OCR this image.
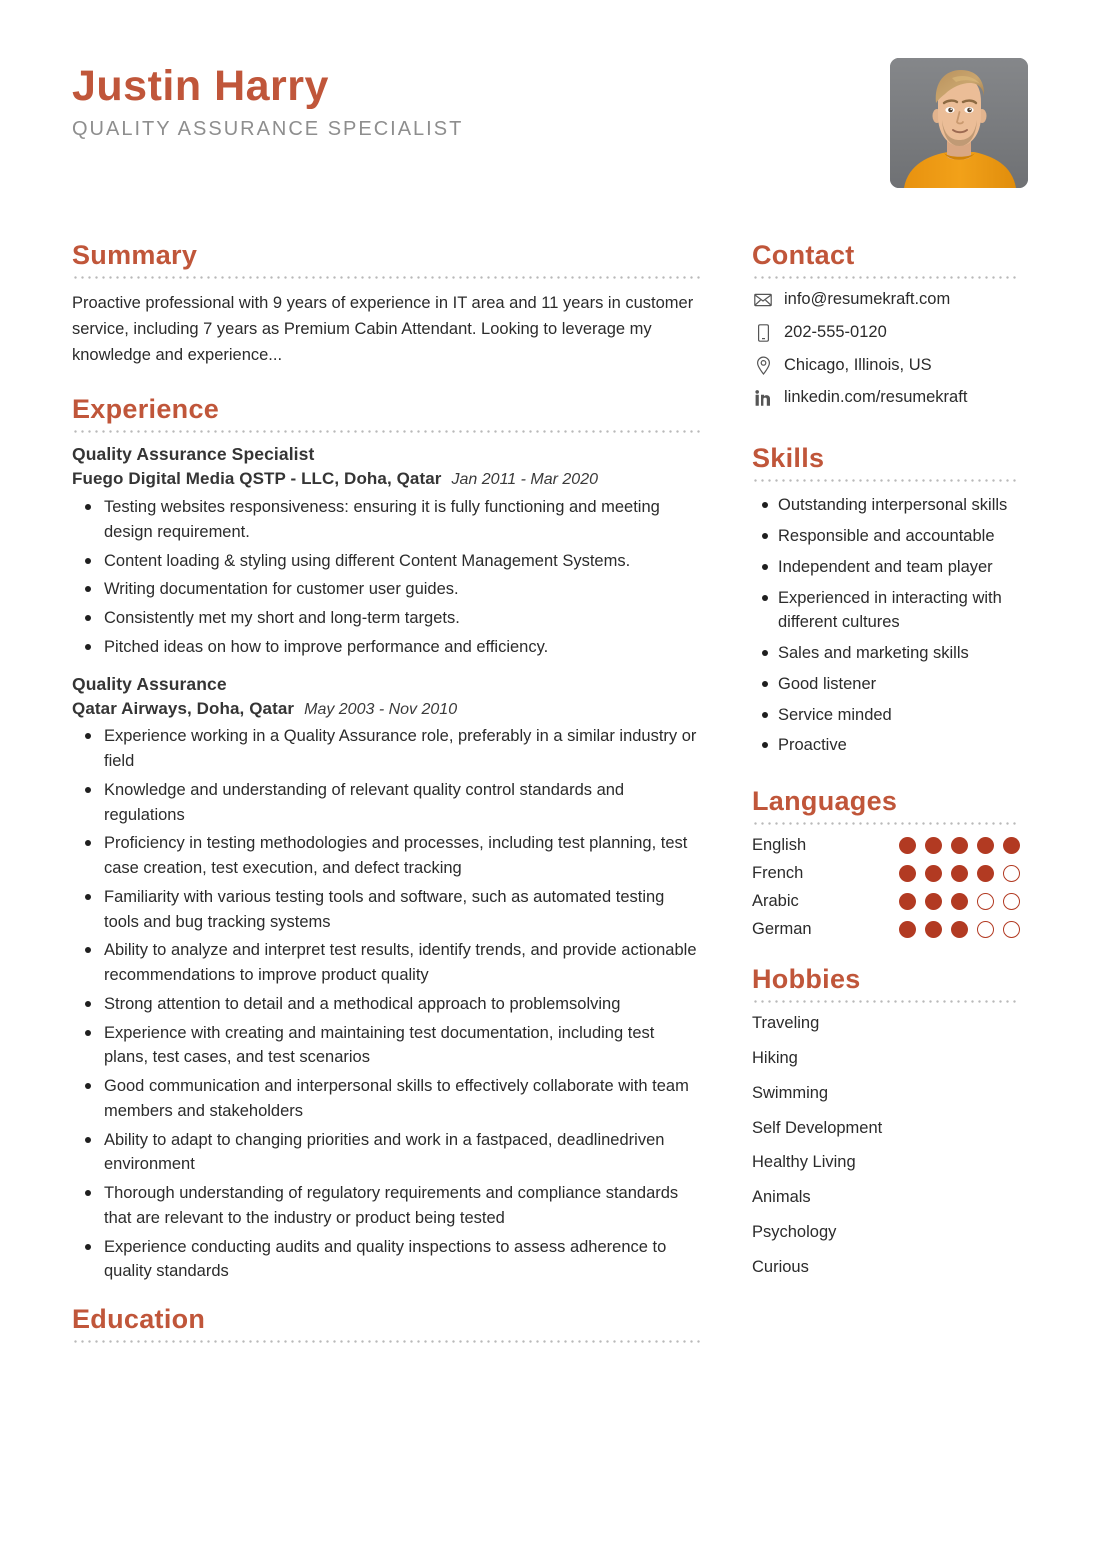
Justin Harry
QUALITY ASSURANCE SPECIALIST
Summary
Proactive professional with 9 years of experience in IT area and 11 years in customer service, including 7 years as Premium Cabin Attendant. Looking to leverage my knowledge and experience...
Experience
Quality Assurance Specialist
Fuego Digital Media QSTP - LLC, Doha, Qatar Jan 2011 - Mar 2020
Testing websites responsiveness: ensuring it is fully functioning and meeting design requirement.
Content loading & styling using different Content Management Systems.
Writing documentation for customer user guides.
Consistently met my short and long-term targets.
Pitched ideas on how to improve performance and efficiency.
Quality Assurance
Qatar Airways, Doha, Qatar May 2003 - Nov 2010
Experience working in a Quality Assurance role, preferably in a similar industry or field
Knowledge and understanding of relevant quality control standards and regulations
Proficiency in testing methodologies and processes, including test planning, test case creation, test execution, and defect tracking
Familiarity with various testing tools and software, such as automated testing tools and bug tracking systems
Ability to analyze and interpret test results, identify trends, and provide actionable recommendations to improve product quality
Strong attention to detail and a methodical approach to problemsolving
Experience with creating and maintaining test documentation, including test plans, test cases, and test scenarios
Good communication and interpersonal skills to effectively collaborate with team members and stakeholders
Ability to adapt to changing priorities and work in a fastpaced, deadlinedriven environment
Thorough understanding of regulatory requirements and compliance standards that are relevant to the industry or product being tested
Experience conducting audits and quality inspections to assess adherence to quality standards
Education
Contact
info@resumekraft.com
202-555-0120
Chicago, Illinois, US
linkedin.com/resumekraft
Skills
Outstanding interpersonal skills
Responsible and accountable
Independent and team player
Experienced in interacting with different cultures
Sales and marketing skills
Good listener
Service minded
Proactive
Languages
English
French
Arabic
German
Hobbies
Traveling
Hiking
Swimming
Self Development
Healthy Living
Animals
Psychology
Curious
